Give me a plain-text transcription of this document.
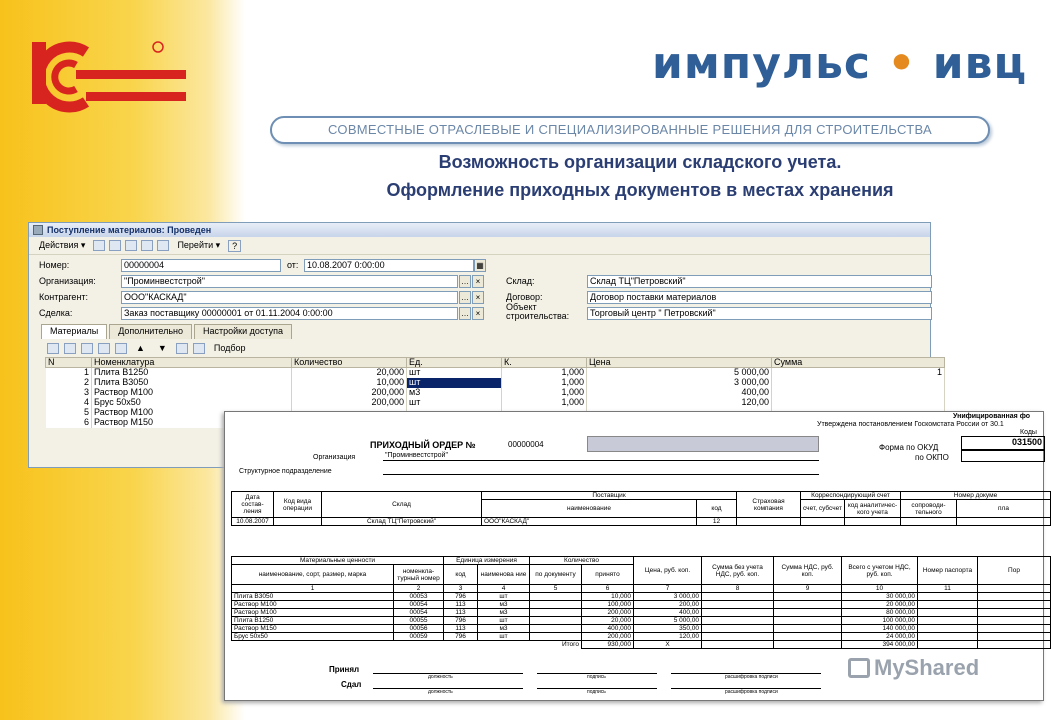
импульс • ивц
СОВМЕСТНЫЕ ОТРАСЛЕВЫЕ И СПЕЦИАЛИЗИРОВАННЫЕ РЕШЕНИЯ ДЛЯ СТРОИТЕЛЬСТВА
Возможность организации складского учета.
Оформление приходных документов в местах хранения
Поступление материалов: Проведен
Действия ▾	Перейти ▾	?
Номер:	00000004	от: 10.08.2007 0:00:00	▦
Организация:	"Проминвестстрой"	… ×
Контрагент:	ООО"КАСКАД"	… ×
Сделка:	Заказ поставщику 00000001 от 01.11.2004 0:00:00	… ×
Склад:	Склад ТЦ"Петровский"
Договор:	Договор поставки материалов
Объект
строительства:	Торговый центр " Петровский"
Материалы	Дополнительно	Настройки доступа
▲	▼	Подбор
N	Номенклатура	Количество	Ед.	К.	Цена	Сумма
1	Плита В1250	20,000	шт	1,000	5 000,00	1
2	Плита В3050	10,000	шт	1,000	3 000,00	
3	Раствор М100	200,000	м3	1,000	400,00	
4	Брус 50х50	200,000	шт	1,000	120,00	
5	Раствор М100					
6	Раствор М150					
Унифицированная фо
Утверждена постановлением Госкомстата России от 30.1
Коды
ПРИХОДНЫЙ ОРДЕР №	00000004	Форма по ОКУД
031500
по ОКПО
Организация	"Проминвестстрой"
Структурное подразделение
Дата состав-ления	Код вида операции	Склад	Поставщик		Страховая компания	Корреспондирующий счет		Номер докуме	
			наименование	код		счет, субсчет	код аналитичес-кого учета	сопроводи-тельного	пла
10.08.2007		Склад ТЦ"Петровский"	ООО"КАСКАД"	12					
Материальные ценности		Единица измерения		Количество		Цена, руб. коп.	Сумма без учета НДС, руб. коп.	Сумма НДС, руб. коп.	Всего с учетом НДС, руб. коп.	Номер паспорта	Пор
наименование, сорт, размер, марка	номенкла-турный номер	код	наименова ние	по документу	принято						
1	2	3	4	5	6	7	8	9	10	11	
Плита В3050	00053	796	шт		10,000	3 000,00			30 000,00		
Раствор М100	00054	113	м3		100,000	200,00			20 000,00		
Раствор М100	00054	113	м3		200,000	400,00			80 000,00		
Плита В1250	00055	796	шт		20,000	5 000,00			100 000,00		
Раствор М150	00056	113	м3		400,000	350,00			140 000,00		
Брус 50х50	00059	796	шт		200,000	120,00			24 000,00		
				Итого	930,000	Х			394 000,00		
Принял
должность	подпись	расшифровка подписи
Сдал
должность	подпись	расшифровка подписи
MyShared
